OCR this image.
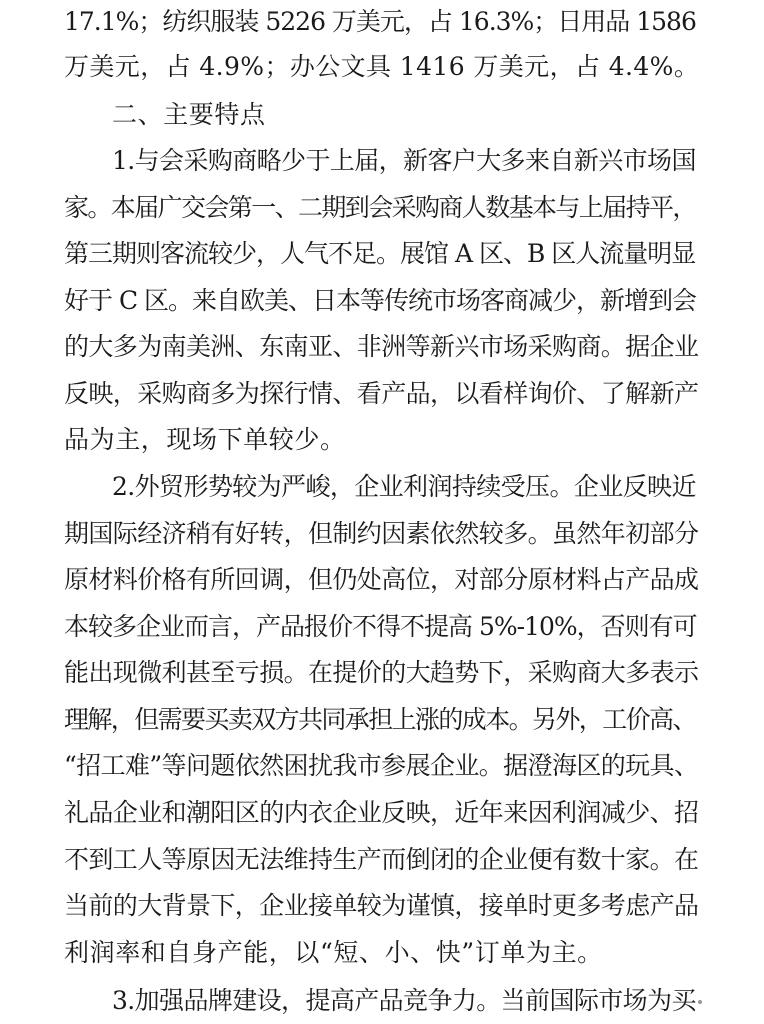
17.1%；纺织服装 5226 万美元，占 16.3%；日用品 1586
万美元，占 4.9%；办公文具 1416 万美元，占 4.4%。
二、主要特点
1.与会采购商略少于上届，新客户大多来自新兴市场国
家。本届广交会第一、二期到会采购商人数基本与上届持平，
第三期则客流较少，人气不足。展馆 A 区、B 区人流量明显
好于 C 区。来自欧美、日本等传统市场客商减少，新增到会
的大多为南美洲、东南亚、非洲等新兴市场采购商。据企业
反映，采购商多为探行情、看产品，以看样询价、了解新产
品为主，现场下单较少。
2.外贸形势较为严峻，企业利润持续受压。企业反映近
期国际经济稍有好转，但制约因素依然较多。虽然年初部分
原材料价格有所回调，但仍处高位，对部分原材料占产品成
本较多企业而言，产品报价不得不提高 5%-10%，否则有可
能出现微利甚至亏损。在提价的大趋势下，采购商大多表示
理解，但需要买卖双方共同承担上涨的成本。另外，工价高、
“招工难”等问题依然困扰我市参展企业。据澄海区的玩具、
礼品企业和潮阳区的内衣企业反映，近年来因利润减少、招
不到工人等原因无法维持生产而倒闭的企业便有数十家。在
当前的大背景下，企业接单较为谨慎，接单时更多考虑产品
利润率和自身产能，以“短、小、快”订单为主。
3.加强品牌建设，提高产品竞争力。当前国际市场为买
